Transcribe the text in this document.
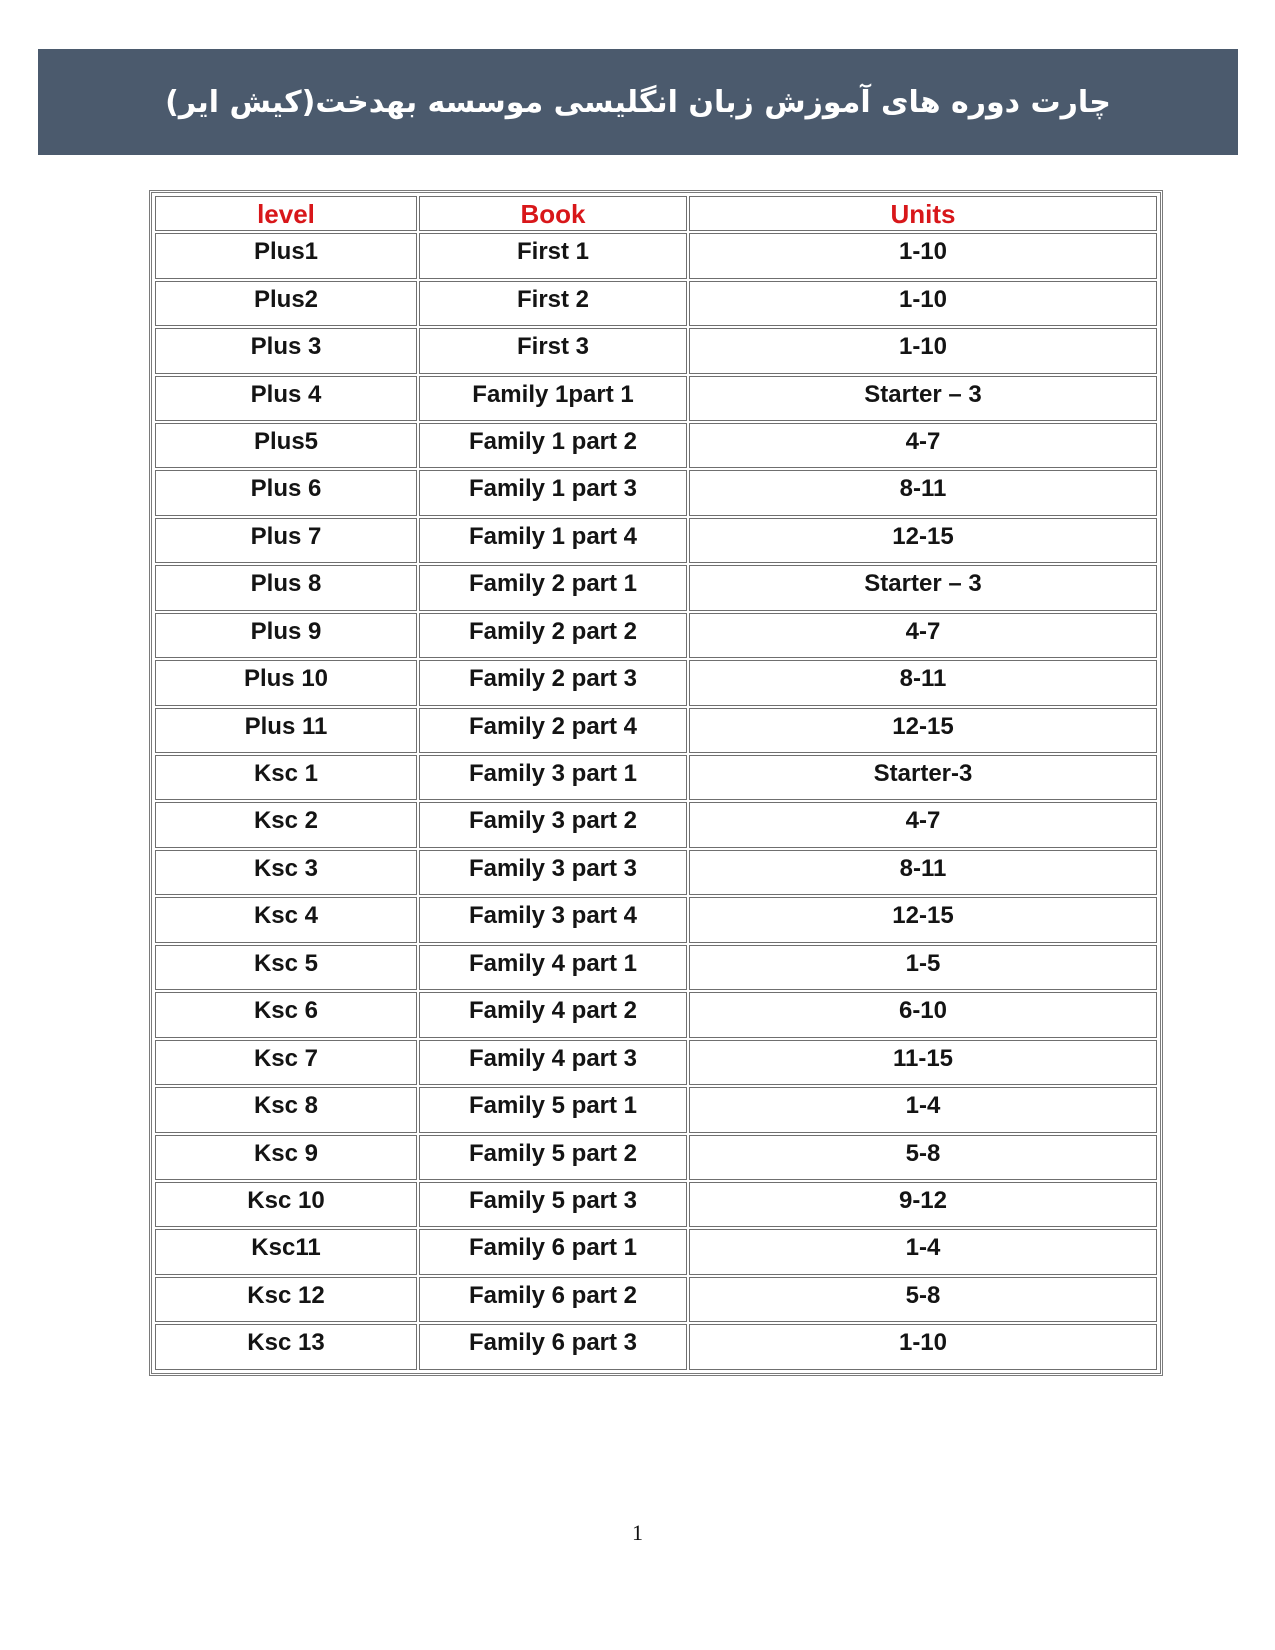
چارت دوره های آموزش زبان انگلیسی موسسه بهدخت(کیش ایر)
level	Book	Units
Plus1	First 1	1-10
Plus2	First 2	1-10
Plus 3	First 3	1-10
Plus 4	Family 1part 1	Starter – 3
Plus5	Family 1 part 2	4-7
Plus 6	Family 1 part 3	8-11
Plus 7	Family 1 part 4	12-15
Plus 8	Family 2 part 1	Starter – 3
Plus 9	Family 2 part 2	4-7
Plus 10	Family 2 part 3	8-11
Plus 11	Family 2 part 4	12-15
Ksc 1	Family 3 part 1	Starter-3
Ksc 2	Family 3 part 2	4-7
Ksc 3	Family 3 part 3	8-11
Ksc 4	Family 3 part 4	12-15
Ksc 5	Family 4 part 1	1-5
Ksc 6	Family 4 part 2	6-10
Ksc 7	Family 4 part 3	11-15
Ksc 8	Family 5 part 1	1-4
Ksc 9	Family 5 part 2	5-8
Ksc 10	Family 5 part 3	9-12
Ksc11	Family 6 part 1	1-4
Ksc 12	Family 6 part 2	5-8
Ksc 13	Family 6 part 3	1-10
1
